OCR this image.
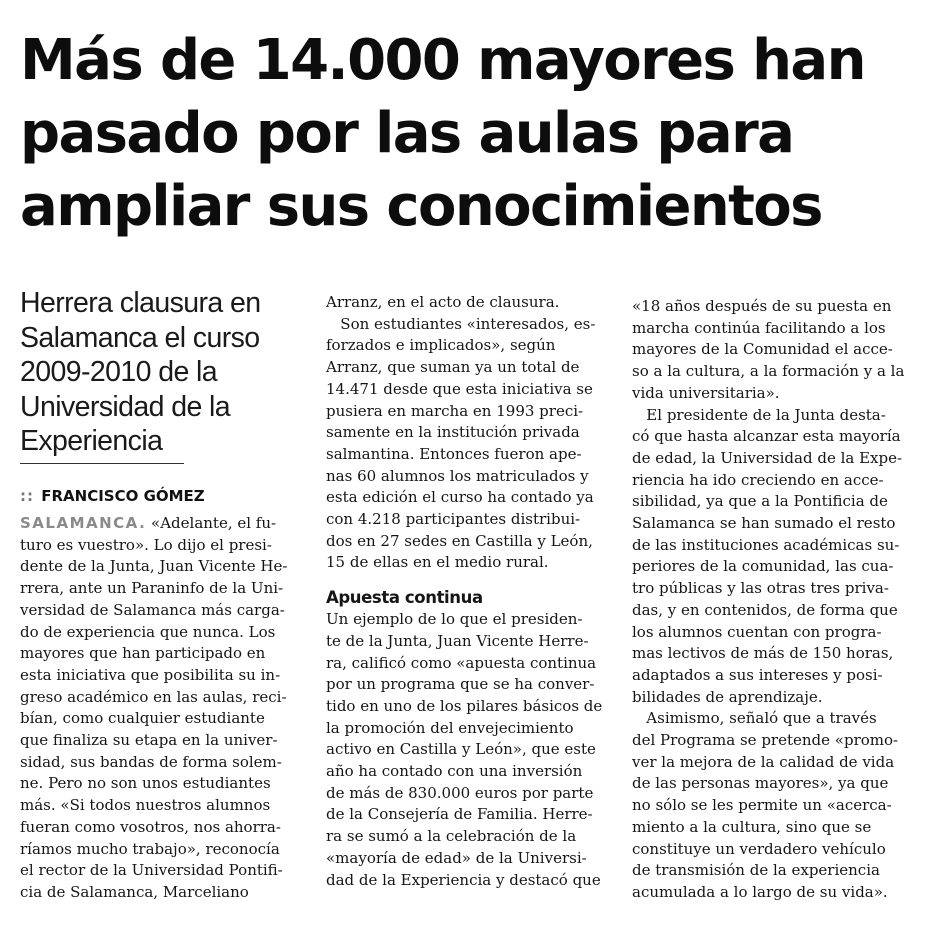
Más de 14.000 mayores han
pasado por las aulas para
ampliar sus conocimientos
Herrera clausura en
Salamanca el curso
2009-2010 de la
Universidad de la
Experiencia
:: FRANCISCO GÓMEZ
SALAMANCA. «Adelante, el fu-
turo es vuestro». Lo dijo el presi-
dente de la Junta, Juan Vicente He-
rrera, ante un Paraninfo de la Uni-
versidad de Salamanca más carga-
do de experiencia que nunca. Los
mayores que han participado en
esta iniciativa que posibilita su in-
greso académico en las aulas, reci-
bían, como cualquier estudiante
que finaliza su etapa en la univer-
sidad, sus bandas de forma solem-
ne. Pero no son unos estudiantes
más. «Si todos nuestros alumnos
fueran como vosotros, nos ahorra-
ríamos mucho trabajo», reconocía
el rector de la Universidad Pontifi-
cia de Salamanca, Marceliano
Arranz, en el acto de clausura.
Son estudiantes «interesados, es-
forzados e implicados», según
Arranz, que suman ya un total de
14.471 desde que esta iniciativa se
pusiera en marcha en 1993 preci-
samente en la institución privada
salmantina. Entonces fueron ape-
nas 60 alumnos los matriculados y
esta edición el curso ha contado ya
con 4.218 participantes distribui-
dos en 27 sedes en Castilla y León,
15 de ellas en el medio rural.
Apuesta continua
Un ejemplo de lo que el presiden-
te de la Junta, Juan Vicente Herre-
ra, calificó como «apuesta continua
por un programa que se ha conver-
tido en uno de los pilares básicos de
la promoción del envejecimiento
activo en Castilla y León», que este
año ha contado con una inversión
de más de 830.000 euros por parte
de la Consejería de Familia. Herre-
ra se sumó a la celebración de la
«mayoría de edad» de la Universi-
dad de la Experiencia y destacó que
«18 años después de su puesta en
marcha continúa facilitando a los
mayores de la Comunidad el acce-
so a la cultura, a la formación y a la
vida universitaria».
El presidente de la Junta desta-
có que hasta alcanzar esta mayoría
de edad, la Universidad de la Expe-
riencia ha ido creciendo en acce-
sibilidad, ya que a la Pontificia de
Salamanca se han sumado el resto
de las instituciones académicas su-
periores de la comunidad, las cua-
tro públicas y las otras tres priva-
das, y en contenidos, de forma que
los alumnos cuentan con progra-
mas lectivos de más de 150 horas,
adaptados a sus intereses y posi-
bilidades de aprendizaje.
Asimismo, señaló que a través
del Programa se pretende «promo-
ver la mejora de la calidad de vida
de las personas mayores», ya que
no sólo se les permite un «acerca-
miento a la cultura, sino que se
constituye un verdadero vehículo
de transmisión de la experiencia
acumulada a lo largo de su vida».
